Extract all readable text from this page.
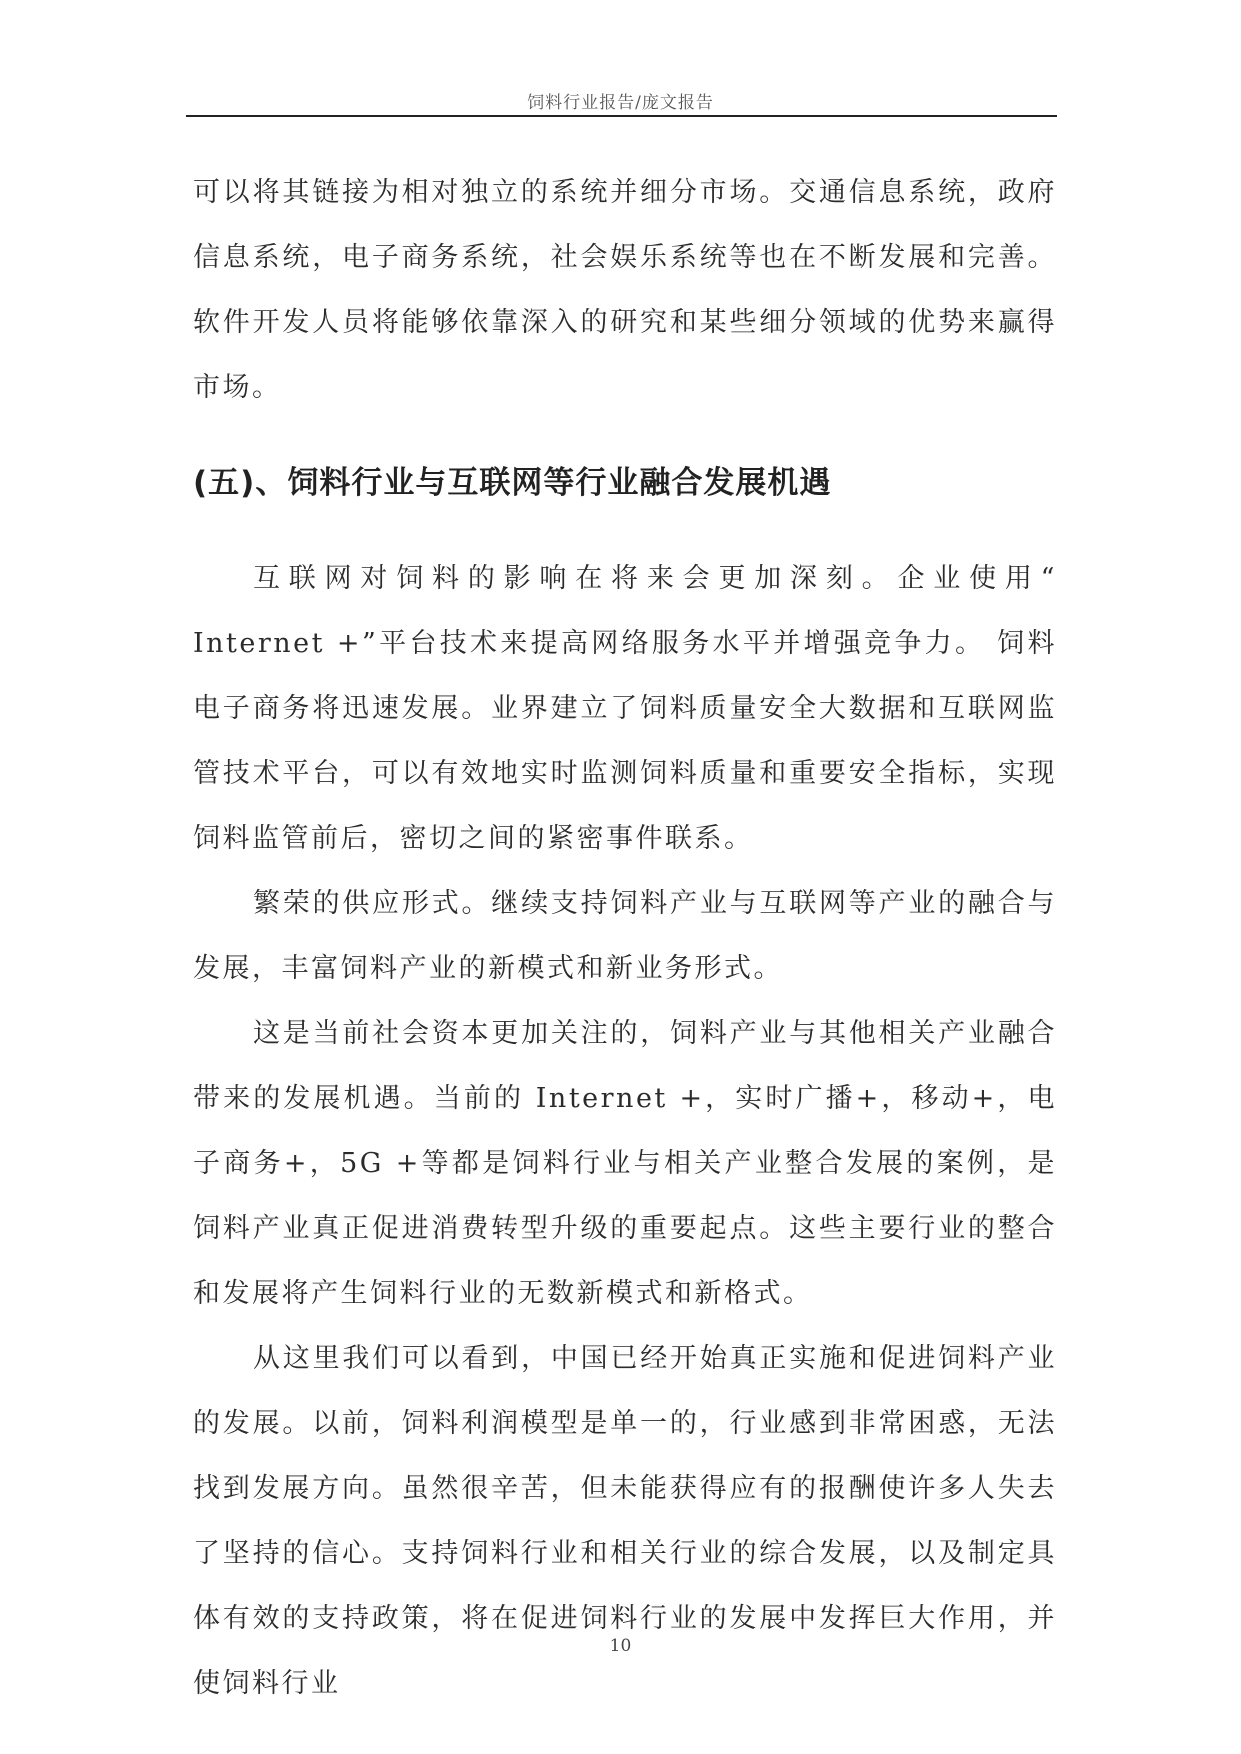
饲料行业报告/庞文报告

可以将其链接为相对独立的系统并细分市场。交通信息系统，政府信息系统，电子商务系统，社会娱乐系统等也在不断发展和完善。软件开发人员将能够依靠深入的研究和某些细分领域的优势来赢得市场。

(五)、饲料行业与互联网等行业融合发展机遇

互联网对饲料的影响在将来会更加深刻。企业使用“ Internet +”平台技术来提高网络服务水平并增强竞争力。 饲料电子商务将迅速发展。业界建立了饲料质量安全大数据和互联网监管技术平台，可以有效地实时监测饲料质量和重要安全指标，实现饲料监管前后，密切之间的紧密事件联系。

繁荣的供应形式。继续支持饲料产业与互联网等产业的融合与发展，丰富饲料产业的新模式和新业务形式。

这是当前社会资本更加关注的，饲料产业与其他相关产业融合带来的发展机遇。当前的 Internet +，实时广播+，移动+，电子商务+，5G +等都是饲料行业与相关产业整合发展的案例，是饲料产业真正促进消费转型升级的重要起点。这些主要行业的整合和发展将产生饲料行业的无数新模式和新格式。

从这里我们可以看到，中国已经开始真正实施和促进饲料产业的发展。以前，饲料利润模型是单一的，行业感到非常困惑，无法找到发展方向。虽然很辛苦，但未能获得应有的报酬使许多人失去了坚持的信心。支持饲料行业和相关行业的综合发展，以及制定具体有效的支持政策，将在促进饲料行业的发展中发挥巨大作用，并使饲料行业

10
